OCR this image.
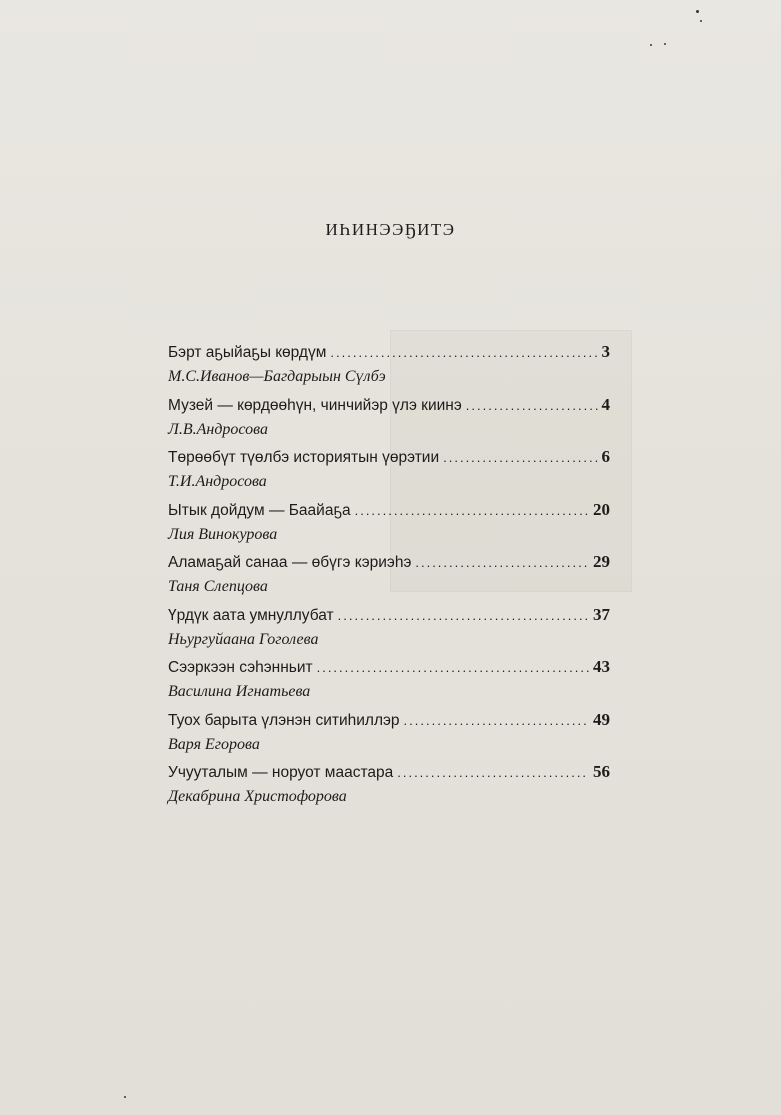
ИҺИНЭЭҔИТЭ
Бэрт аҕыйаҕы көрдүм .....	3
М.С.Иванов—Багдарыын Сүлбэ
Музей — көрдөөһүн, чинчийэр үлэ киинэ .....	4
Л.В.Андросова
Төрөөбүт түөлбэ историятын үөрэтии .....	6
Т.И.Андросова
Ытык дойдум — Баайаҕа .....	20
Лия Винокурова
Аламаҕай санаа — өбүгэ кэриэһэ .....	29
Таня Слепцова
Үрдүк аата умнуллубат .....	37
Ньургуйаана Гоголева
Сээркээн сэһэнньит .....	43
Василина Игнатьева
Туох барыта үлэнэн ситиһиллэр .....	49
Варя Егорова
Учууталым — норуот маастара .....	56
Декабрина Христофорова
